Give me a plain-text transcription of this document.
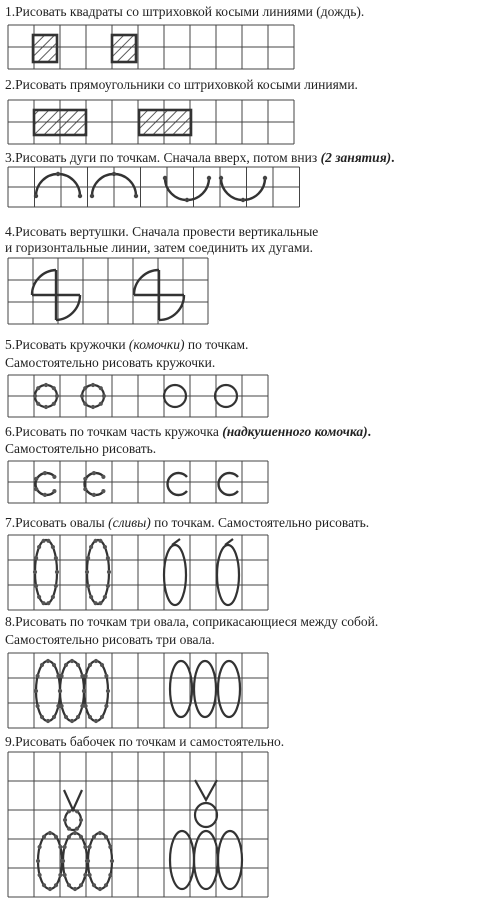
1.Рисовать квадраты со штриховкой косыми линиями (дождь).
2.Рисовать прямоугольники со штриховкой косыми линиями.
3.Рисовать дуги по точкам. Сначала вверх, потом вниз (2 занятия).
4.Рисовать вертушки. Сначала провести вертикальные
и горизонтальные линии, затем соединить их дугами.
5.Рисовать кружочки (комочки) по точкам.
Самостоятельно рисовать кружочки.
6.Рисовать по точкам часть кружочка (надкушенного комочка).
Самостоятельно рисовать.
7.Рисовать овалы (сливы) по точкам. Самостоятельно рисовать.
8.Рисовать по точкам три овала, соприкасающиеся между собой.
Самостоятельно рисовать три овала.
9.Рисовать бабочек по точкам и самостоятельно.
